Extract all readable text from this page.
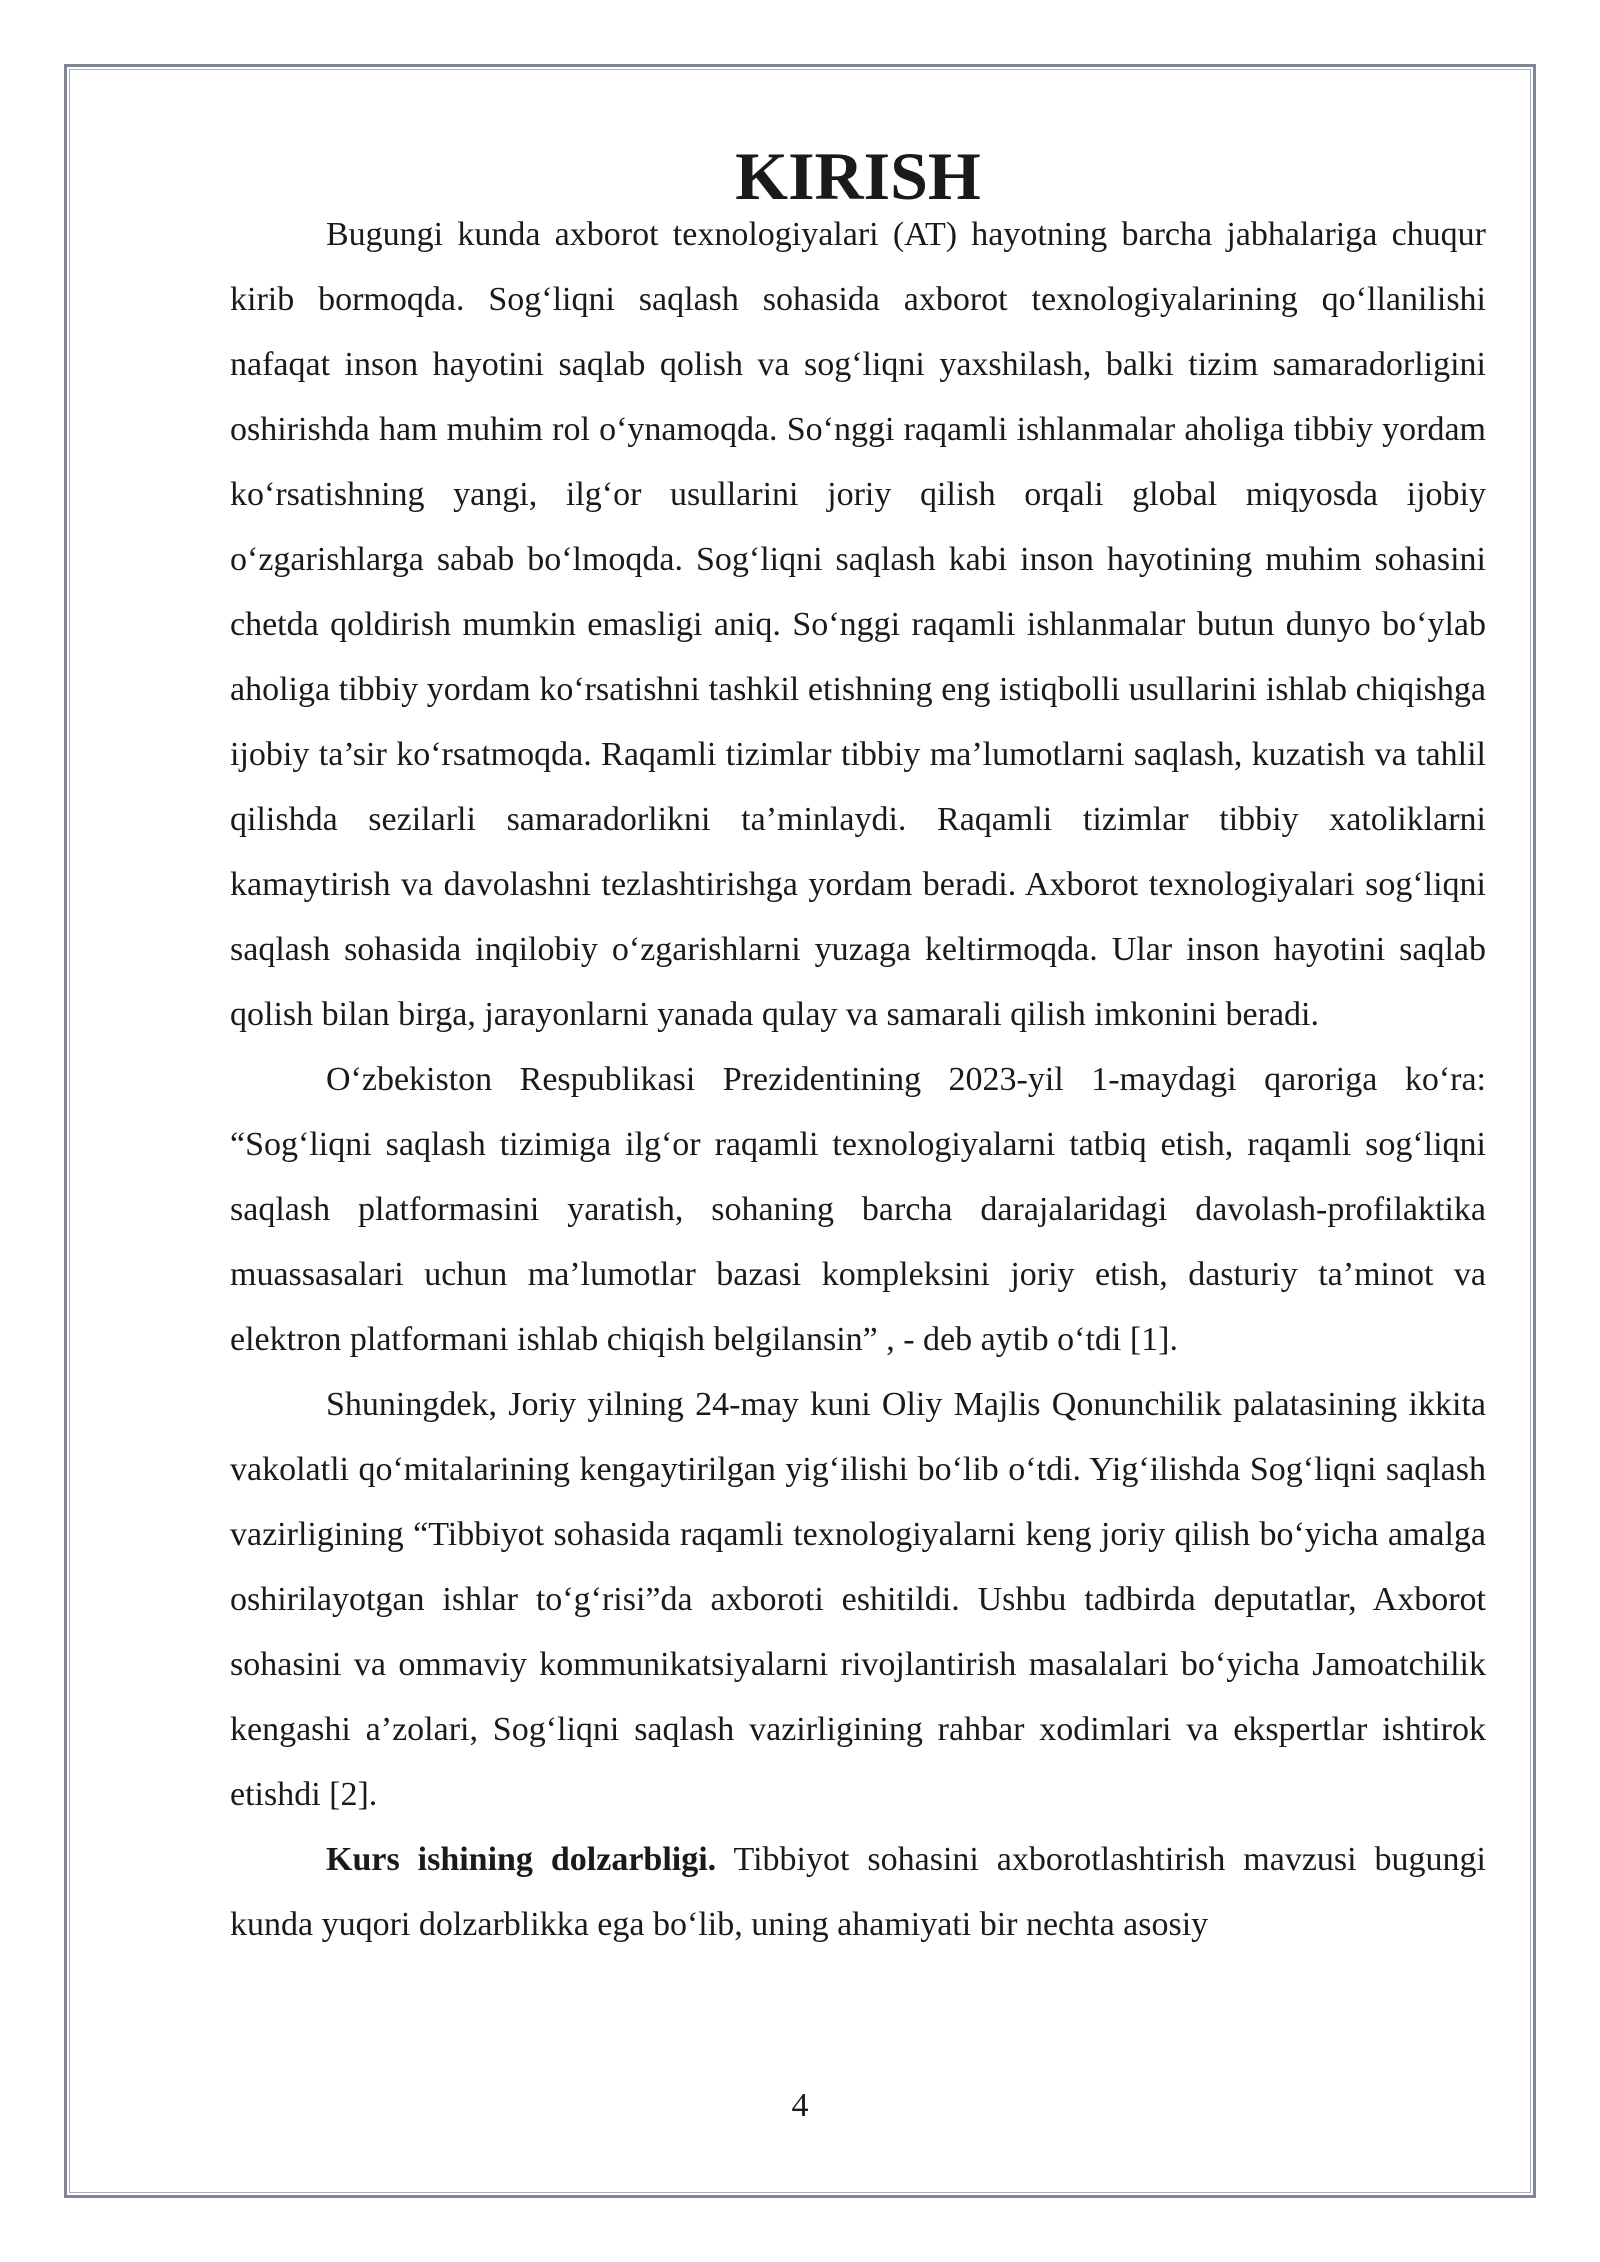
KIRISH

Bugungi kunda axborot texnologiyalari (AT) hayotning barcha jabhalariga chuqur kirib bormoqda. Sog‘liqni saqlash sohasida axborot texnologiyalarining qo‘llanilishi nafaqat inson hayotini saqlab qolish va sog‘liqni yaxshilash, balki tizim samaradorligini oshirishda ham muhim rol o‘ynamoqda. So‘nggi raqamli ishlanmalar aholiga tibbiy yordam ko‘rsatishning yangi, ilg‘or usullarini joriy qilish orqali global miqyosda ijobiy o‘zgarishlarga sabab bo‘lmoqda. Sog‘liqni saqlash kabi inson hayotining muhim sohasini chetda qoldirish mumkin emasligi aniq. So‘nggi raqamli ishlanmalar butun dunyo bo‘ylab aholiga tibbiy yordam ko‘rsatishni tashkil etishning eng istiqbolli usullarini ishlab chiqishga ijobiy ta’sir ko‘rsatmoqda. Raqamli tizimlar tibbiy ma’lumotlarni saqlash, kuzatish va tahlil qilishda sezilarli samaradorlikni ta’minlaydi. Raqamli tizimlar tibbiy xatoliklarni kamaytirish va davolashni tezlashtirishga yordam beradi. Axborot texnologiyalari sog‘liqni saqlash sohasida inqilobiy o‘zgarishlarni yuzaga keltirmoqda. Ular inson hayotini saqlab qolish bilan birga, jarayonlarni yanada qulay va samarali qilish imkonini beradi.

O‘zbekiston Respublikasi Prezidentining 2023-yil 1-maydagi qaroriga ko‘ra: “Sog‘liqni saqlash tizimiga ilg‘or raqamli texnologiyalarni tatbiq etish, raqamli sog‘liqni saqlash platformasini yaratish, sohaning barcha darajalaridagi davolash-profilaktika muassasalari uchun ma’lumotlar bazasi kompleksini joriy etish, dasturiy ta’minot va elektron platformani ishlab chiqish belgilansin” , - deb aytib o‘tdi [1].

Shuningdek, Joriy yilning 24-may kuni Oliy Majlis Qonunchilik palatasining ikkita vakolatli qo‘mitalarining kengaytirilgan yig‘ilishi bo‘lib o‘tdi. Yig‘ilishda Sog‘liqni saqlash vazirligining “Tibbiyot sohasida raqamli texnologiyalarni keng joriy qilish bo‘yicha amalga oshirilayotgan ishlar to‘g‘risi”da axboroti eshitildi. Ushbu tadbirda deputatlar, Axborot sohasini va ommaviy kommunikatsiyalarni rivojlantirish masalalari bo‘yicha Jamoatchilik kengashi a’zolari, Sog‘liqni saqlash vazirligining rahbar xodimlari va ekspertlar ishtirok etishdi [2].

Kurs ishining dolzarbligi. Tibbiyot sohasini axborotlashtirish mavzusi bugungi kunda yuqori dolzarblikka ega bo‘lib, uning ahamiyati bir nechta asosiy

4
